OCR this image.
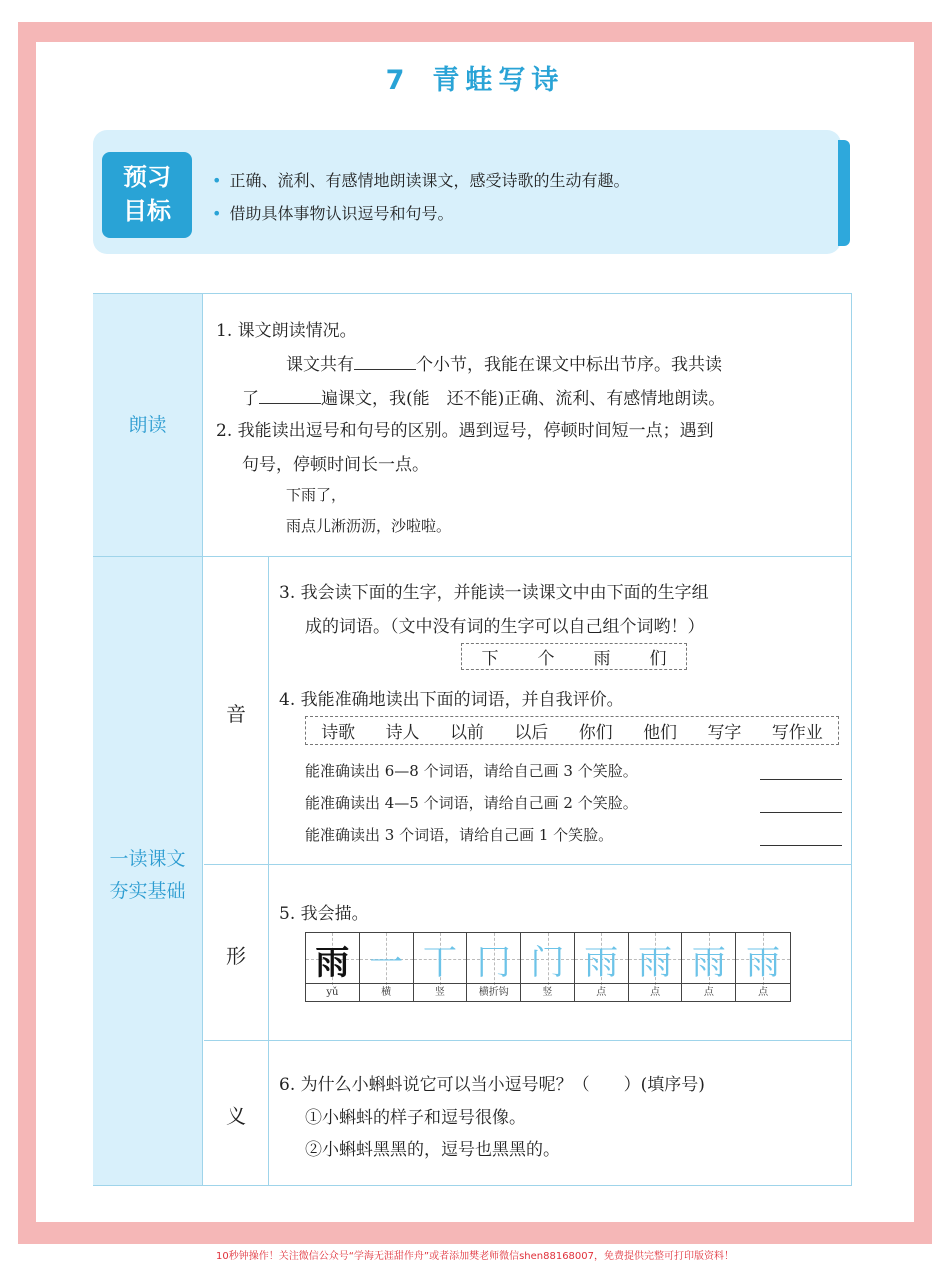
7 青蛙写诗
预习
目标
• 正确、流利、有感情地朗读课文，感受诗歌的生动有趣。
• 借助具体事物认识逗号和句号。
朗读
一读课文
夯实基础
1. 课文朗读情况。
课文共有	个小节，我能在课文中标出节序。我共读
了	遍课文，我(能　还不能)正确、流利、有感情地朗读。
2. 我能读出逗号和句号的区别。遇到逗号，停顿时间短一点；遇到
句号，停顿时间长一点。
下雨了，
雨点儿淅沥沥，沙啦啦。
音
3. 我会读下面的生字，并能读一读课文中由下面的生字组
成的词语。（文中没有词的生字可以自己组个词哟！）
下 个 雨 们
4. 我能准确地读出下面的词语，并自我评价。
诗歌 诗人 以前 以后 你们 他们 写字 写作业
能准确读出 6—8 个词语，请给自己画 3 个笑脸。
能准确读出 4—5 个词语，请给自己画 2 个笑脸。
能准确读出 3 个词语，请给自己画 1 个笑脸。
形
5. 我会描。
雨
yǔ
一
横
丅
竖
冂
横折钩
门
竖
雨
点
雨
点
雨
点
雨
点
义
6. 为什么小蝌蚪说它可以当小逗号呢？（　　）(填序号)
①小蝌蚪的样子和逗号很像。
②小蝌蚪黑黑的，逗号也黑黑的。
10秒钟操作！关注微信公众号“学海无涯甜作舟”或者添加樊老师微信shen88168007，免费提供完整可打印版资料！
